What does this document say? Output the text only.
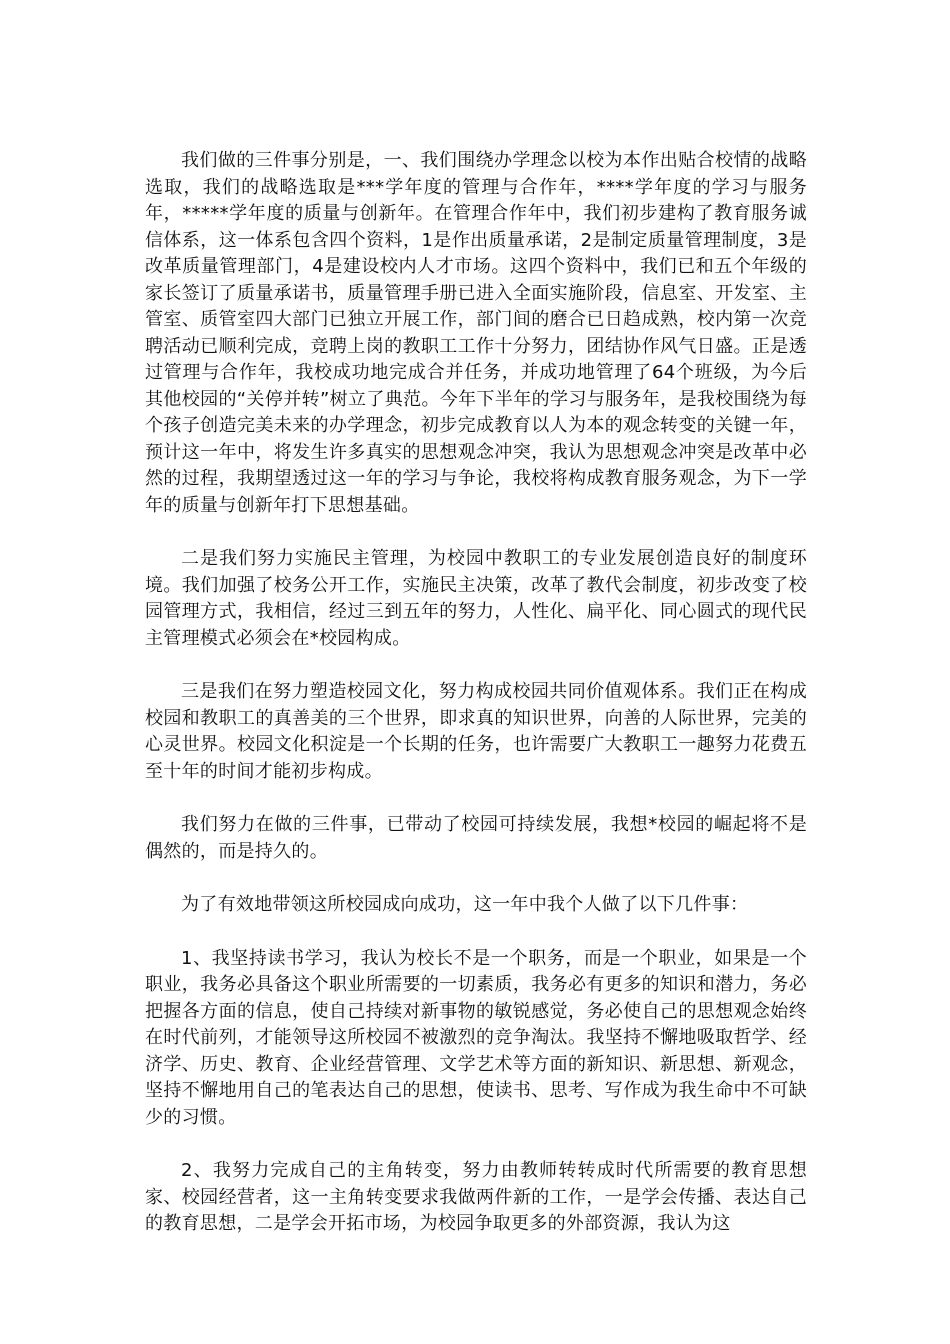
我们做的三件事分别是，一、我们围绕办学理念以校为本作出贴合校情的战略选取，我们的战略选取是***学年度的管理与合作年，****学年度的学习与服务年，*****学年度的质量与创新年。在管理合作年中，我们初步建构了教育服务诚信体系，这一体系包含四个资料，1是作出质量承诺，2是制定质量管理制度，3是改革质量管理部门，4是建设校内人才市场。这四个资料中，我们已和五个年级的家长签订了质量承诺书，质量管理手册已进入全面实施阶段，信息室、开发室、主管室、质管室四大部门已独立开展工作，部门间的磨合已日趋成熟，校内第一次竞聘活动已顺利完成，竞聘上岗的教职工工作十分努力，团结协作风气日盛。正是透过管理与合作年，我校成功地完成合并任务，并成功地管理了64个班级，为今后其他校园的“关停并转”树立了典范。今年下半年的学习与服务年，是我校围绕为每个孩子创造完美未来的办学理念，初步完成教育以人为本的观念转变的关键一年，预计这一年中，将发生许多真实的思想观念冲突，我认为思想观念冲突是改革中必然的过程，我期望透过这一年的学习与争论，我校将构成教育服务观念，为下一学年的质量与创新年打下思想基础。

二是我们努力实施民主管理，为校园中教职工的专业发展创造良好的制度环境。我们加强了校务公开工作，实施民主决策，改革了教代会制度，初步改变了校园管理方式，我相信，经过三到五年的努力，人性化、扁平化、同心圆式的现代民主管理模式必须会在*校园构成。

三是我们在努力塑造校园文化，努力构成校园共同价值观体系。我们正在构成校园和教职工的真善美的三个世界，即求真的知识世界，向善的人际世界，完美的心灵世界。校园文化积淀是一个长期的任务，也许需要广大教职工一趣努力花费五至十年的时间才能初步构成。

我们努力在做的三件事，已带动了校园可持续发展，我想*校园的崛起将不是偶然的，而是持久的。

为了有效地带领这所校园成向成功，这一年中我个人做了以下几件事：

1、我坚持读书学习，我认为校长不是一个职务，而是一个职业，如果是一个职业，我务必具备这个职业所需要的一切素质，我务必有更多的知识和潜力，务必把握各方面的信息，使自己持续对新事物的敏锐感觉，务必使自己的思想观念始终在时代前列，才能领导这所校园不被激烈的竞争淘汰。我坚持不懈地吸取哲学、经济学、历史、教育、企业经营管理、文学艺术等方面的新知识、新思想、新观念，坚持不懈地用自己的笔表达自己的思想，使读书、思考、写作成为我生命中不可缺少的习惯。

2、我努力完成自己的主角转变，努力由教师转转成时代所需要的教育思想家、校园经营者，这一主角转变要求我做两件新的工作，一是学会传播、表达自己的教育思想，二是学会开拓市场，为校园争取更多的外部资源，我认为这
